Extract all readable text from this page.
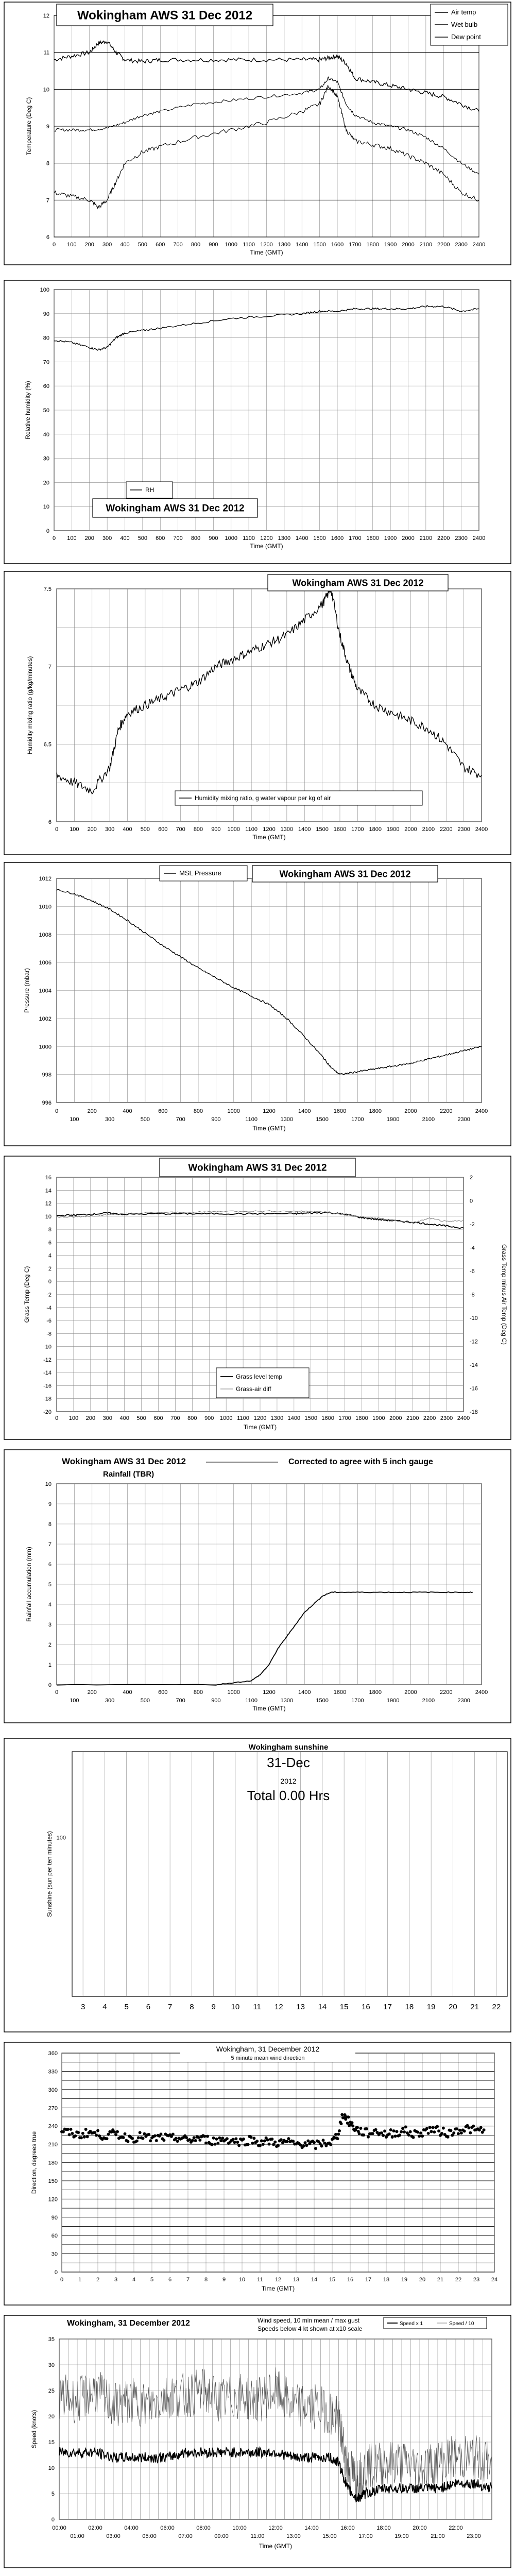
0 100 200 300 400 500 600 700 800 900 1000 1100 1200 1300 1400 1500 1600 1700 1800 1900 2000 2100 2200 2300 2400
6
7
8
9
10
11
12
Time (GMT)
Temperature (Deg C)
Wokingham AWS 31 Dec 2012	Air temp
Wet bulb
Dew point
0 100 200 300 400 500 600 700 800 900 1000 1100 1200 1300 1400 1500 1600 1700 1800 1900 2000 2100 2200 2300 2400
0
10
20
30
40
50
60
70
80
90
100
Time (GMT)
Relative humidity (%)
RH
Wokingham AWS 31 Dec 2012
0 100 200 300 400 500 600 700 800 900 1000 1100 1200 1300 1400 1500 1600 1700 1800 1900 2000 2100 2200 2300 2400
6
6.5
7
7.5
Time (GMT)
Humidity mixing ratio (g/kg/minutes)
Wokingham AWS 31 Dec 2012
Humidity mixing ratio, g water vapour per kg of air
0
100
200
300
400
500
600
700
800
900
1000
1100
1200
1300
1400
1500
1600
1700
1800
1900
2000
2100
2200
2300
2400
996
998
1000
1002
1004
1006
1008
1010
1012
Time (GMT)
Pressure (mbar)
MSL Pressure	Wokingham AWS 31 Dec 2012
0 100 200 300 400 500 600 700 800 900 1000 1100 1200 1300 1400 1500 1600 1700 1800 1900 2000 2100 2200 2300 2400
-20
-18
-16
-14
-12
-10
-8
-6
-4
-2
0
2
4
6
8
10
12
14
16
-18
-16
-14
-12
-10
-8
-6
-4
-2
0
2
Time (GMT)
Grass Temp (Deg C)	Grass Temp minus Air Temp (Deg C)
Wokingham AWS 31 Dec 2012
Grass level temp
Grass-air diff
0
100
200
300
400
500
600
700
800
900
1000
1100
1200
1300
1400
1500
1600
1700
1800
1900
2000
2100
2200
2300
2400
0
1
2
3
4
5
6
7
8
9
10
Time (GMT)
Rainfall accumulation (mm)
Wokingham AWS 31 Dec 2012
Rainfall (TBR)
Corrected to agree with 5 inch gauge
3 4 5 6 7 8 9 10 11 12 13 14 15 16 17 18 19 20 21 22
100
Sunshine (sun per ten minutes)
Wokingham sunshine
31-Dec
2012
Total 0.00 Hrs
0	1	2	3	4	5	6	7	8	9 10 11 12 13 14 15 16 17 18 19 20 21 22 23 24
0
30
60
90
120
150
180
210
240
270
300
330
360
Time (GMT)
Direction, degrees true
Wokingham, 31 December 2012
5 minute mean wind direction
00:00	02:00	04:00	06:00	08:00	10:00	12:00	14:00	16:00	18:00	20:00	22:00
01:00	03:00	05:00	07:00	09:00	11:00	13:00	15:00	17:00	19:00	21:00	23:00
0
5
10
15
20
25
30
35
Time (GMT)
Speed (knots)
Wokingham, 31 December 2012	Wind speed, 10 min mean / max gust
Speeds below 4 kt shown at x10 scale
Speed x 1	Speed / 10
